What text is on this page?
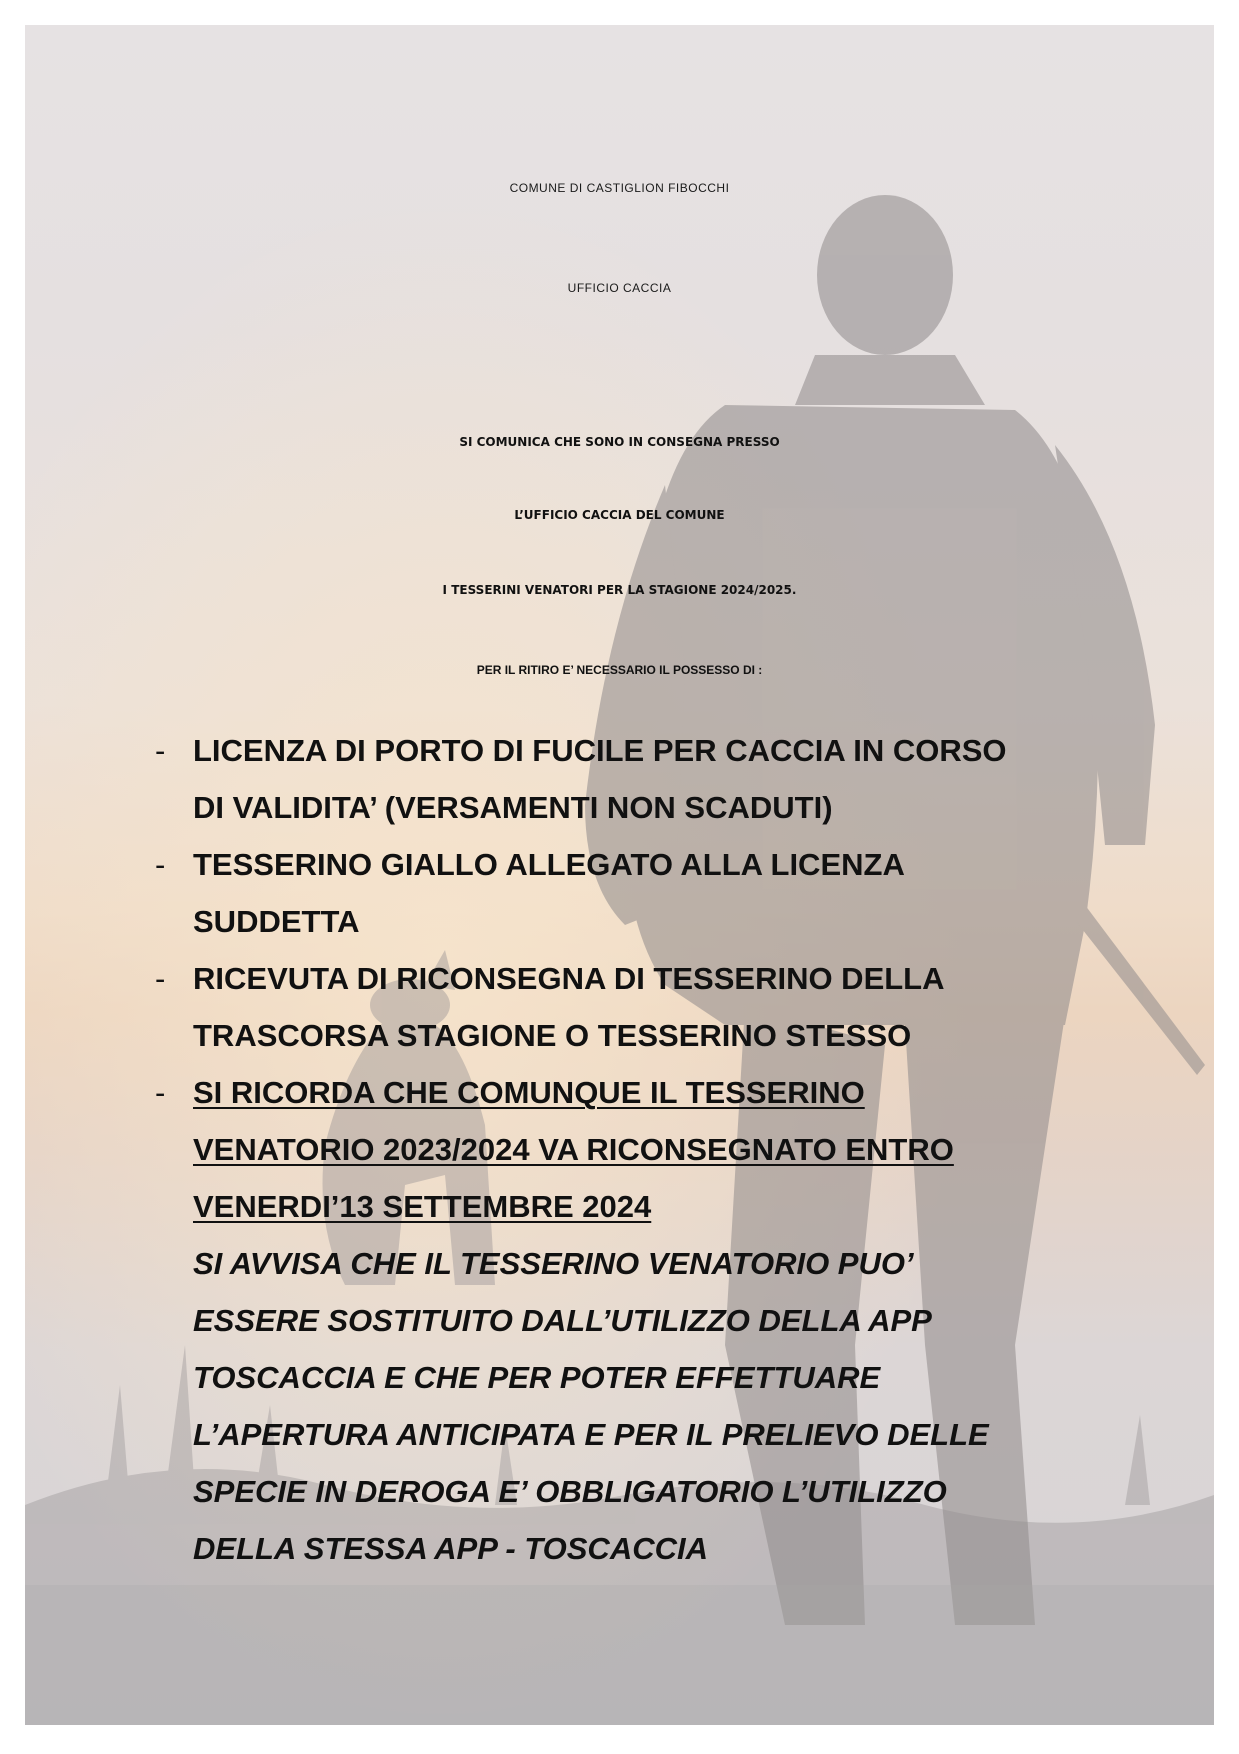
COMUNE DI CASTIGLION FIBOCCHI
UFFICIO CACCIA

SI COMUNICA CHE SONO IN CONSEGNA PRESSO

L’UFFICIO CACCIA DEL COMUNE

I TESSERINI VENATORI PER LA STAGIONE 2024/2025.

PER IL RITIRO E’ NECESSARIO IL POSSESSO DI :

- LICENZA DI PORTO DI FUCILE PER CACCIA IN CORSO

DI VALIDITA’ (VERSAMENTI NON SCADUTI)

- TESSERINO GIALLO ALLEGATO ALLA LICENZA

SUDDETTA

- RICEVUTA DI RICONSEGNA DI TESSERINO DELLA

TRASCORSA STAGIONE O TESSERINO STESSO

- SI RICORDA CHE COMUNQUE IL TESSERINO

VENATORIO 2023/2024 VA RICONSEGNATO ENTRO

VENERDI’13 SETTEMBRE 2024

SI AVVISA CHE IL TESSERINO VENATORIO PUO’

ESSERE SOSTITUITO DALL’UTILIZZO DELLA APP

TOSCACCIA E CHE PER POTER EFFETTUARE

L’APERTURA ANTICIPATA E PER IL PRELIEVO DELLE

SPECIE IN DEROGA E’ OBBLIGATORIO L’UTILIZZO

DELLA STESSA APP - TOSCACCIA
